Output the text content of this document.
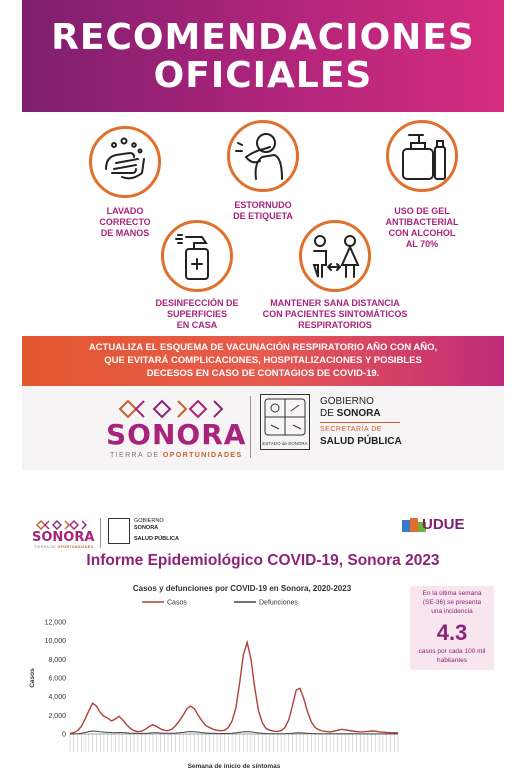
RECOMENDACIONES
OFICIALES
LAVADO
CORRECTO
DE MANOS
ESTORNUDO
DE ETIQUETA	USO DE GEL
ANTIBACTERIAL
CON ALCOHOL
AL 70%
DESINFECCIÓN DE
SUPERFICIES
EN CASA
MANTENER SANA DISTANCIA
CON PACIENTES SINTOMÁTICOS
RESPIRATORIOS
ACTUALIZA EL ESQUEMA DE VACUNACIÓN RESPIRATORIO AÑO CON AÑO,
QUE EVITARÁ COMPLICACIONES, HOSPITALIZACIONES Y POSIBLES
DECESOS EN CASO DE CONTAGIOS DE COVID-19.
SONORA
TIERRA DE OPORTUNIDADES
ESTADO de SONORA
GOBIERNO
DE SONORA
SECRETARÍA DE
SALUD PÚBLICA
SONORA
TIERRA DE OPORTUNIDADES
GOBIERNO
SONORA
SALUD PÚBLICA
UDUE
Informe Epidemiológico COVID-19, Sonora 2023
Casos y defunciones por COVID-19 en Sonora, 2020-2023
0
2,000
4,000
6,000
8,000
10,000
12,000
Casos
Semana de inicio de síntomas
Casos	Defunciones
En la última semana
(SE-36) se presenta
una incidencia
4.3
casos por cada 100 mil
habitantes
